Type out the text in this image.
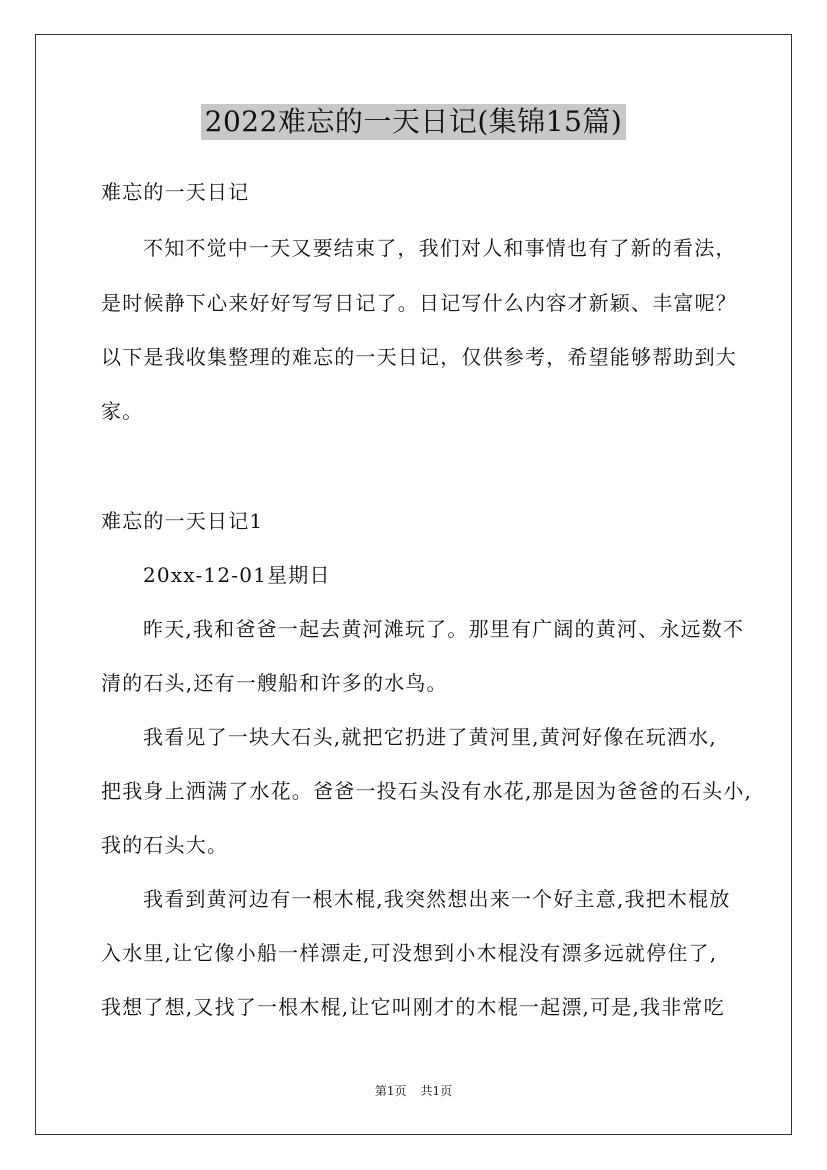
2022难忘的一天日记(集锦15篇)
难忘的一天日记
不知不觉中一天又要结束了，我们对人和事情也有了新的看法，
是时候静下心来好好写写日记了。日记写什么内容才新颖、丰富呢？
以下是我收集整理的难忘的一天日记，仅供参考，希望能够帮助到大
家。
难忘的一天日记1
20xx-12-01星期日
昨天,我和爸爸一起去黄河滩玩了。那里有广阔的黄河、永远数不
清的石头,还有一艘船和许多的水鸟。
我看见了一块大石头,就把它扔进了黄河里,黄河好像在玩洒水,
把我身上洒满了水花。爸爸一投石头没有水花,那是因为爸爸的石头小,
我的石头大。
我看到黄河边有一根木棍,我突然想出来一个好主意,我把木棍放
入水里,让它像小船一样漂走,可没想到小木棍没有漂多远就停住了,
我想了想,又找了一根木棍,让它叫刚才的木棍一起漂,可是,我非常吃
第1页 共1页
